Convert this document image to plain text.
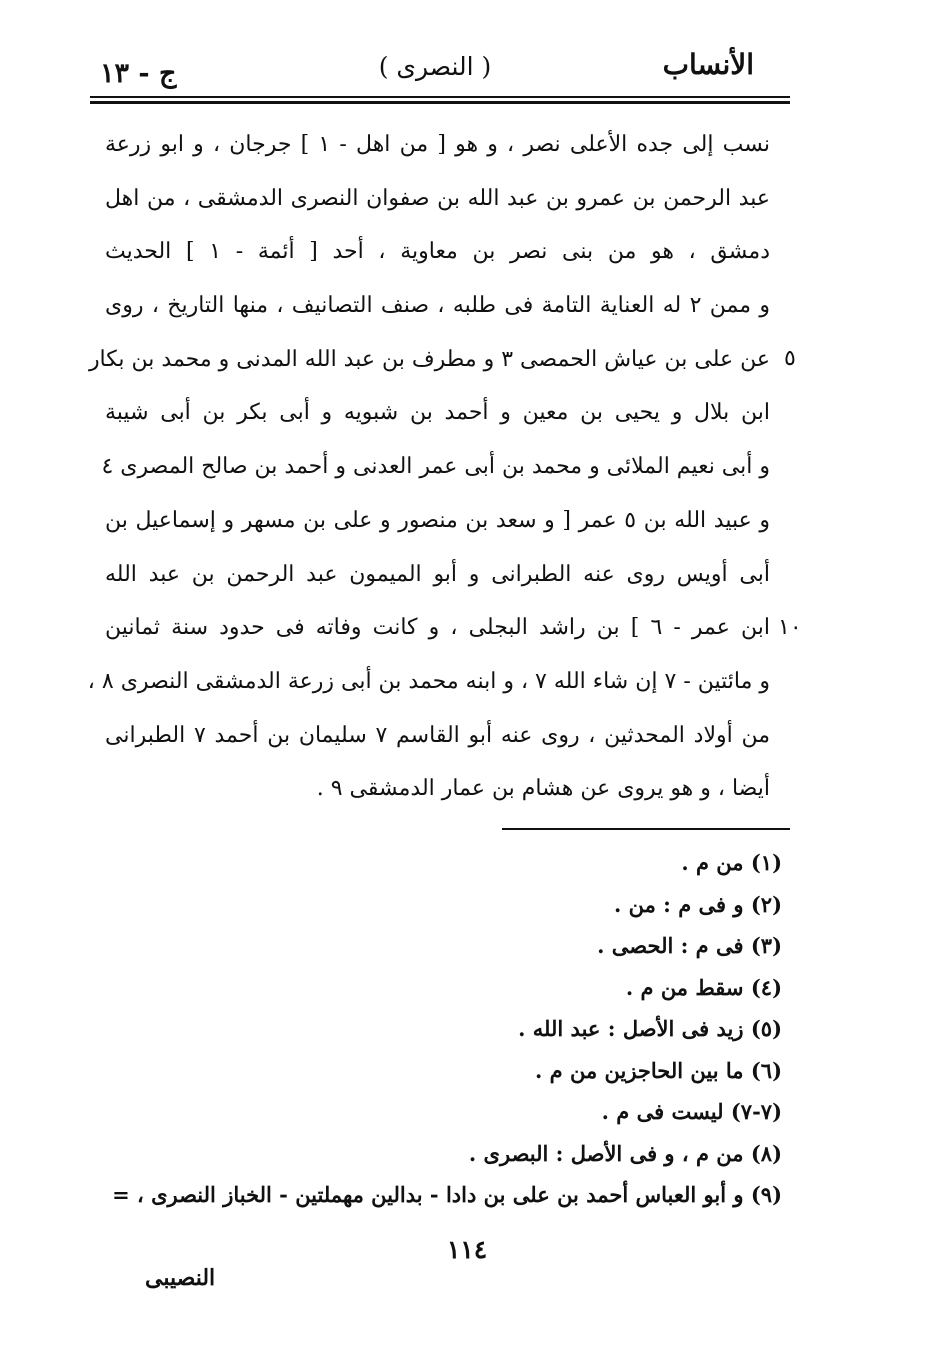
الأنساب
( النصرى )
ج - ١٣
نسب إلى جده الأعلى نصر ، و هو [ من اهل - ١ ] جرجان ، و ابو زرعة
عبد الرحمن بن عمرو بن عبد الله بن صفوان النصرى الدمشقى ، من اهل
دمشق ، هو من بنى نصر بن معاوية ، أحد [ أئمة - ١ ] الحديث
و ممن ٢ له العناية التامة فى طلبه ، صنف التصانيف ، منها التاريخ ، روى
عن على بن عياش الحمصى ٣ و مطرف بن عبد الله المدنى و محمد بن بكار
ابن بلال و يحيى بن معين و أحمد بن شبويه و أبى بكر بن أبى شيبة
و أبى نعيم الملائى و محمد بن أبى عمر العدنى و أحمد بن صالح المصرى ٤
و عبيد الله بن ٥ عمر [ و سعد بن منصور و على بن مسهر و إسماعيل بن
أبى أويس روى عنه الطبرانى و أبو الميمون عبد الرحمن بن عبد الله
ابن عمر - ٦ ] بن راشد البجلى ، و كانت وفاته فى حدود سنة ثمانين
و مائتين - ٧ إن شاء الله ٧ ، و ابنه محمد بن أبى زرعة الدمشقى النصرى ٨ ،
من أولاد المحدثين ، روى عنه أبو القاسم ٧ سليمان بن أحمد ٧ الطبرانى
أيضا ، و هو يروى عن هشام بن عمار الدمشقى ٩ .
٥
١٠
(١) من م .
(٢) و فى م : من .
(٣) فى م : الحصى .
(٤) سقط من م .
(٥) زيد فى الأصل : عبد الله .
(٦) ما بين الحاجزين من م .
(٧-٧) ليست فى م .
(٨) من م ، و فى الأصل : البصرى .
(٩) و أبو العباس أحمد بن على بن دادا - بدالين مهملتين - الخباز النصرى ، =
١١٤
النصيبى
